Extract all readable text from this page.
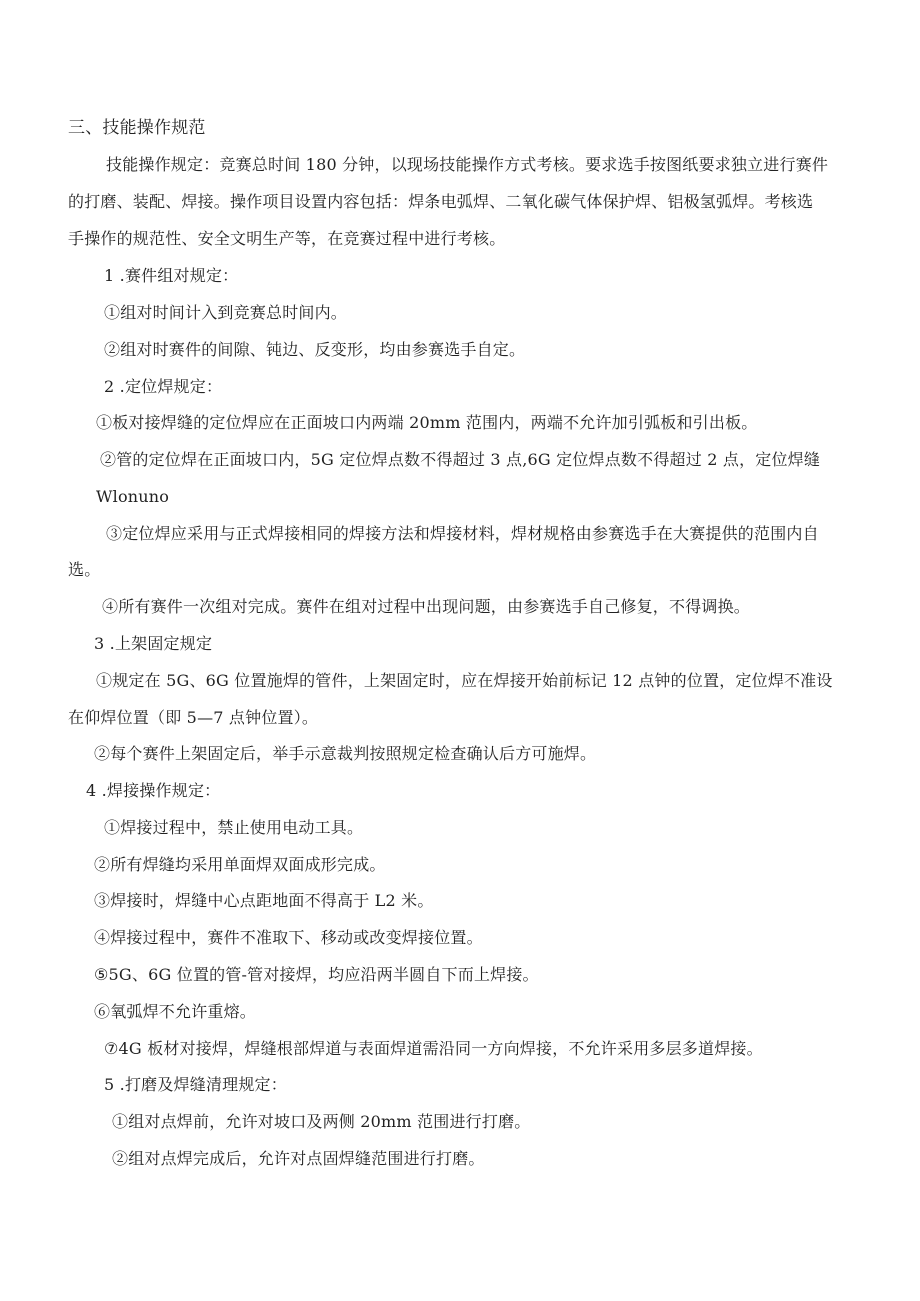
三、技能操作规范
技能操作规定：竞赛总时间 180 分钟，以现场技能操作方式考核。要求选手按图纸要求独立进行赛件
的打磨、装配、焊接。操作项目设置内容包括：焊条电弧焊、二氧化碳气体保护焊、铝极氢弧焊。考核选
手操作的规范性、安全文明生产等，在竞赛过程中进行考核。
1 .赛件组对规定：
①组对时间计入到竞赛总时间内。
②组对时赛件的间隙、钝边、反变形，均由参赛选手自定。
2 .定位焊规定：
①板对接焊缝的定位焊应在正面坡口内两端 20mm 范围内，两端不允许加引弧板和引出板。
②管的定位焊在正面坡口内，5G 定位焊点数不得超过 3 点,6G 定位焊点数不得超过 2 点，定位焊缝
Wlonuno
③定位焊应采用与正式焊接相同的焊接方法和焊接材料，焊材规格由参赛选手在大赛提供的范围内自
选。
④所有赛件一次组对完成。赛件在组对过程中出现问题，由参赛选手自己修复，不得调换。
3 .上架固定规定
①规定在 5G、6G 位置施焊的管件，上架固定时，应在焊接开始前标记 12 点钟的位置，定位焊不准设
在仰焊位置（即 5—7 点钟位置）。
②每个赛件上架固定后，举手示意裁判按照规定检查确认后方可施焊。
4 .焊接操作规定：
①焊接过程中，禁止使用电动工具。
②所有焊缝均采用单面焊双面成形完成。
③焊接时，焊缝中心点距地面不得高于 L2 米。
④焊接过程中，赛件不准取下、移动或改变焊接位置。
⑤5G、6G 位置的管-管对接焊，均应沿两半圆自下而上焊接。
⑥氧弧焊不允许重熔。
⑦4G 板材对接焊，焊缝根部焊道与表面焊道需沿同一方向焊接，不允许采用多层多道焊接。
5 .打磨及焊缝清理规定：
①组对点焊前，允许对坡口及两侧 20mm 范围进行打磨。
②组对点焊完成后，允许对点固焊缝范围进行打磨。
